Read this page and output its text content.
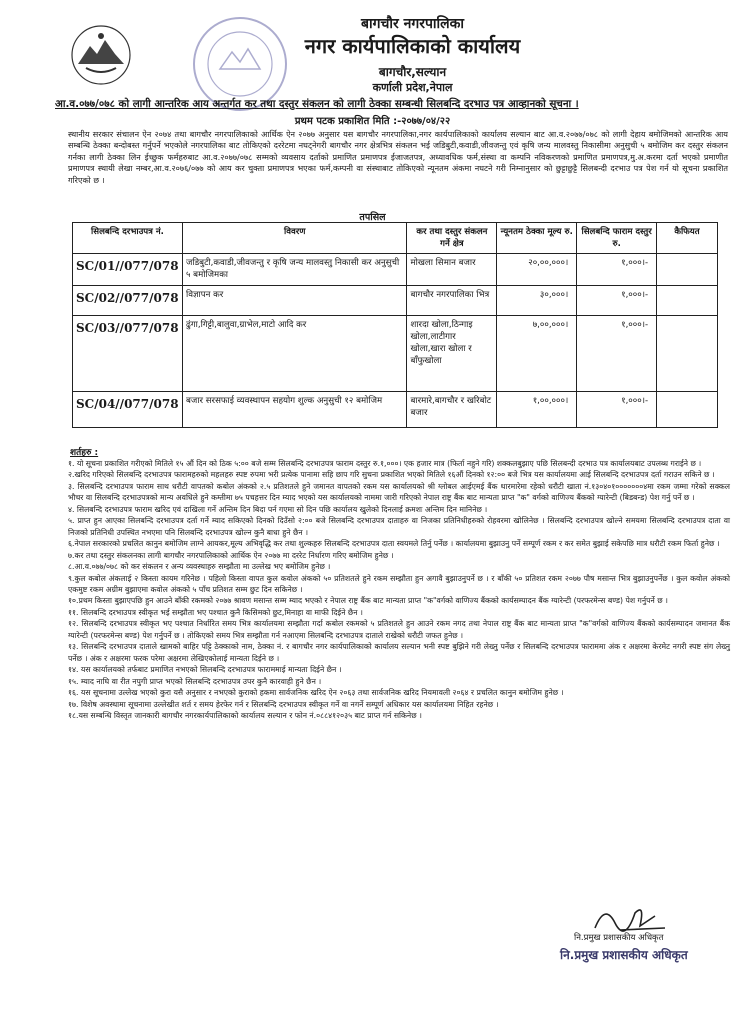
बागचौर नगरपालिका
नगर कार्यपालिकाको कार्यालय
बागचौर,सल्यान
कर्णाली प्रदेश,नेपाल
आ.व.०७७/०७८ को लागी आन्तरिक आय अन्तर्गत कर तथा दस्तुर संकलन को लागी ठेक्का सम्बन्धी सिलबन्दि दरभाउ पत्र आव्हानको सूचना ।
प्रथम पटक प्रकाशित मिति :-२०७७/०४/२२
स्थानीय सरकार संचालन ऐन २०७४ तथा बागचौर नगरपालिकाको आर्थिक ऐन २०७७ अनुसार यस बागचौर नगरपालिका,नगर कार्यपालिकाको कार्यालय सल्यान बाट आ.व.२०७७/०७८ को लागी देहाय बमोजिमको आन्तरिक आय सम्बन्धि ठेक्का बन्दोबस्त गर्नुपर्ने भएकोले नगरपालिका बाट तोकिएको दररेटमा नघट्नेगरी बागचौर नगर क्षेत्रभित्र संकलन भई जडिबुटी,कवाडी,जीवजन्तु एवं कृषि जन्य मालवस्तु निकासीमा अनुसुची ५ बमोजिम कर दस्तुर संकलन गर्नका लागी ठेक्का लिन ईच्छुक फर्महरुबाट आ.व.२०७७/०७८ सम्मको व्यवसाय दर्ताको प्रमाणित प्रमाणपत्र ईजाजतपत्र, अध्यावधिक फर्म,संस्था वा कम्पनि नविकरणको प्रमाणित प्रमाणपत्र,मु.अ.करमा दर्ता भएको प्रमाणीत प्रमाणपत्र स्थायी लेखा नम्बर,आ.व.२०७६/०७७ को आय कर चुक्ता प्रमाणपत्र भएका फर्म,कम्पनी वा संस्थाबाट तोकिएको न्यूनतम अंकमा नघटने गरी निम्नानुसार को छुट्टाछुट्टै सिलबन्दी दरभाउ पत्र पेश गर्न यो सूचना प्रकाशित गरिएको छ ।
तपसिल
सिलबन्दि दरभाउपत्र नं.	विवरण	कर तथा दस्तुर संकलन गर्ने क्षेत्र	न्यूनतम ठेक्का मूल्य रु.	सिलबन्दि फाराम दस्तुर रु.	कैफियत
SC/01//077/078	जडिबुटी,कवाडी,जीवजन्तु र कृषि जन्य मालवस्तु निकासी कर अनुसुची ५ बमोजिमका	मोखला सिमान बजार	२०,००,०००।	१,०००।-	
SC/02//077/078	विज्ञापन कर	बागचौर नगरपालिका भित्र	३०,०००।	१,०००।-	
SC/03//077/078	ढुंगा,गिट्टी,बालुवा,ग्राभेल,माटो आदि कर	शारदा खोला,ठिन्गाइ खोला,लाटीगार खोला,खारा खोला र बाँफुखोला	७,००,०००।	१,०००।-	
SC/04//077/078	बजार सरसफाई व्यवस्थापन सहयोग शुल्क अनुसुची १२ बमोजिम	बारमारे,बागचौर र खरिबोट बजार	१,००,०००।	१,०००।-	
शर्तहरु :

१. यो सूचना प्रकाशित गरीएको मितिले १५ औं दिन को ठिक ५:०० बजे सम्म सिलबन्दि दरभाउपत्र फाराम दस्तुर रु.१,०००। एक हजार मात्र (फिर्ता नहुने गरि) शक्कलबुझाए पछि सिलबन्दी दरभाउ पत्र कार्यालयबाट उपलब्ध गराईने छ ।

२.खरिद गरिएको सिलबन्दि दरभाउपत्र फारामहरुको महलहरु स्पष्ट रुपमा भरी प्रत्येक पानामा सहि छाप गरि सुचना प्रकाशित भएको मितिले १६औं दिनको १२:०० बजे भित्र यस कार्यालयमा आई सिलबन्दि दरभाउपत्र दर्ता गराउन सकिने छ ।

३. सिलबन्दि दरभाउपत्र फाराम साथ धरौटी वापतको कबोल अंकको २.५ प्रतिशतले हुने जमानत वापतको रकम यस कार्यालयको श्री ग्लोबल आईएमई बैंक थारमारेमा रहेको धरौटी खाता नं.१३०४०१०००००००४मा रकम जम्मा गरेको सक्कल भौचर वा सिलबन्दि दरभाउपत्रको मान्य अवधिले हुने कम्तीमा ७५ पचहत्तर दिन म्याद भएको यस कार्यालयको नाममा जारी गरिएको नेपाल राष्ट्र बैंक बाट मान्यता प्राप्त "क" वर्गको वाणिज्य बैंकको ग्यारेन्टी (बिडबन्ड) पेश गर्नु पर्ने छ ।

४. सिलबन्दि दरभाउपत्र फाराम खरिद एवं दाखिला गर्ने अन्तिम दिन बिदा पर्न गएमा सो दिन पछि कार्यालय खुलेको दिनलाई क्रमशः अन्तिम दिन मानिनेछ ।

५. प्राप्त हुन आएका सिलबन्दि दरभाउपत्र दर्ता गर्ने म्याद सकिएको दिनको दिउँसो २:०० बजे सिलबन्दि दरभाउपत्र दाताहरु वा निजका प्रतिनिधीहरुको रोहवरमा खोलिनेछ । सिलबन्दि दरभाउपत्र खोल्ने समयमा सिलबन्दि दरभाउपत्र दाता वा निजको प्रतिनिधी उपस्थित नभएमा पनि सिलबन्दि दरभाउपत्र खोल्न कुनै बाधा हुने छैन ।

६.नेपाल सरकारको प्रचलित कानुन बमोजिम लाग्ने आयकर,मूल्य अभिवृद्धि कर तथा शुल्कहरु सिलबन्दि दरभाउपत्र दाता स्वयमले तिर्नु पर्नेछ । कार्यालयमा बुझाउनु पर्ने सम्पूर्ण रकम र कर समेत बुझाई सकेपछि मात्र धरौटी रकम फिर्ता हुनेछ ।

७.कर तथा दस्तुर संकलनका लागी बागचौर नगरपालिकाको आर्थिक ऐन २०७७ मा दररेट निर्धारण गरिए बमोजिम हुनेछ ।

८.आ.व.०७७/०७८ को कर संकलन र अन्य व्यवस्थाहरु सम्झौता मा उल्लेख भए बमोजिम हुनेछ ।

९.कुल कबोल अंकलाई २ किस्ता कायम गरिनेछ । पहिलो किस्ता वापत कुल कवोल अंकको ५० प्रतिशतले हुने रकम सम्झौता हुन अगावै बुझाउनुपर्ने छ । र बाँकी ५० प्रतिशत रकम २०७७ पौष मसान्त भित्र बुझाउनुपर्नेछ । कुल कवोल अंकको एकमुष्ट रकम अग्रीम बुझाएमा कवोल अंकको ५ पाँच प्रतिशत सम्म छुट दिन सकिनेछ ।

१०.प्रथम किस्ता बुझाएपछि हुन आउने बाँकी रकमको २०७७ श्रावण मसान्त सम्म म्याद भएको र नेपाल राष्ट्र बैंक बाट मान्यता प्राप्त "क"वर्गको वाणिज्य बैंकको कार्यसम्पादन बैंक ग्यारेन्टी (परफरमेन्स बण्ड) पेश गर्नुपर्ने छ ।

११. सिलबन्दि दरभाउपत्र स्वीकृत भई सम्झौता भए पश्चात कुनै किसिमको छुट,मिनाहा वा माफी दिईने छैन ।

१२. सिलबन्दि दरभाउपत्र स्वीकृत भए पश्चात निर्धारित समय भित्र कार्यालयमा सम्झौता गर्दा कबोल रकमको ५ प्रतिशतले हुन आउने रकम नगद तथा नेपाल राष्ट्र बैंक बाट मान्यता प्राप्त "क"वर्गको वाणिज्य बैंकको कार्यसम्पादन जमानत बैंक ग्यारेन्टी (परफरमेन्स बण्ड) पेश गर्नुपर्ने छ । तोकिएको समय भित्र सम्झौता गर्न नआएमा सिलबन्दि दरभाउपत्र दाताले राखेको धरौटी जफत हुनेछ ।

१३. सिलबन्दि दरभाउपत्र दाताले खामको बाहिर पट्टि ठेक्काको नाम, ठेक्का नं. र बागचौर नगर कार्यपालिकाको कार्यालय सल्यान भनी स्पष्ट बुझिने गरी लेख्नु पर्नेछ र सिलबन्दि दरभाउपत्र फाराममा अंक र अक्षरमा केरमेट नगरी स्पष्ट संग लेख्नु पर्नेछ । अंक र अक्षरमा फरक परेमा अक्षरमा लेखिएकोलाई मान्यता दिईने छ ।

१४. यस कार्यालयको तर्फबाट प्रमाणित नभएको सिलबन्दि दरभाउपत्र फाराममाई मान्यता दिईने छैन ।

१५. म्याद नाघि वा रीत नपुगी प्राप्त भएको सिलबन्दि दरभाउपत्र उपर कुनै कारवाही हुने छैन ।

१६. यस सूचनामा उल्लेख भएको कुरा यसै अनुसार र नभएको कुराको हकमा सार्वजनिक खरिद ऐन २०६३ तथा सार्वजनिक खरिद नियमावली २०६४ र प्रचलित कानुन बमोजिम हुनेछ ।

१७. विशेष अवस्थामा सूचनामा उल्लेखीत शर्त र समय हेरफेर गर्न र सिलबन्दि दरभाउपत्र स्वीकृत गर्ने वा नगर्ने सम्पूर्ण अधिकार यस कार्यालयमा निहित रहनेछ ।

१८.यस सम्बन्धि विस्तृत जानकारी बागचौर नगरकार्यपालिकाको कार्यालय सल्यान र फोन नं.०८८४१२०३५ बाट प्राप्त गर्न सकिनेछ ।

नि.प्रमुख प्रशासकीय अधिकृत
नि.प्रमुख प्रशासकीय अधिकृत
